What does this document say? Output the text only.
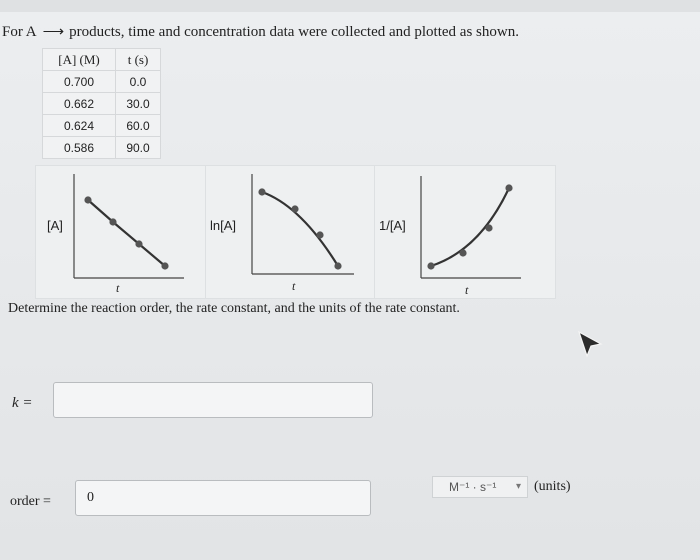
For A ⟶ products, time and concentration data were collected and plotted as shown.
[A] (M)	t (s)
0.700	0.0
0.662	30.0
0.624	60.0
0.586	90.0
[A]
t
ln[A]
t
1/[A]
t
Determine the reaction order, the rate constant, and the units of the rate constant.
k =
order =	0
M⁻¹ · s⁻¹ ▾ (units)
